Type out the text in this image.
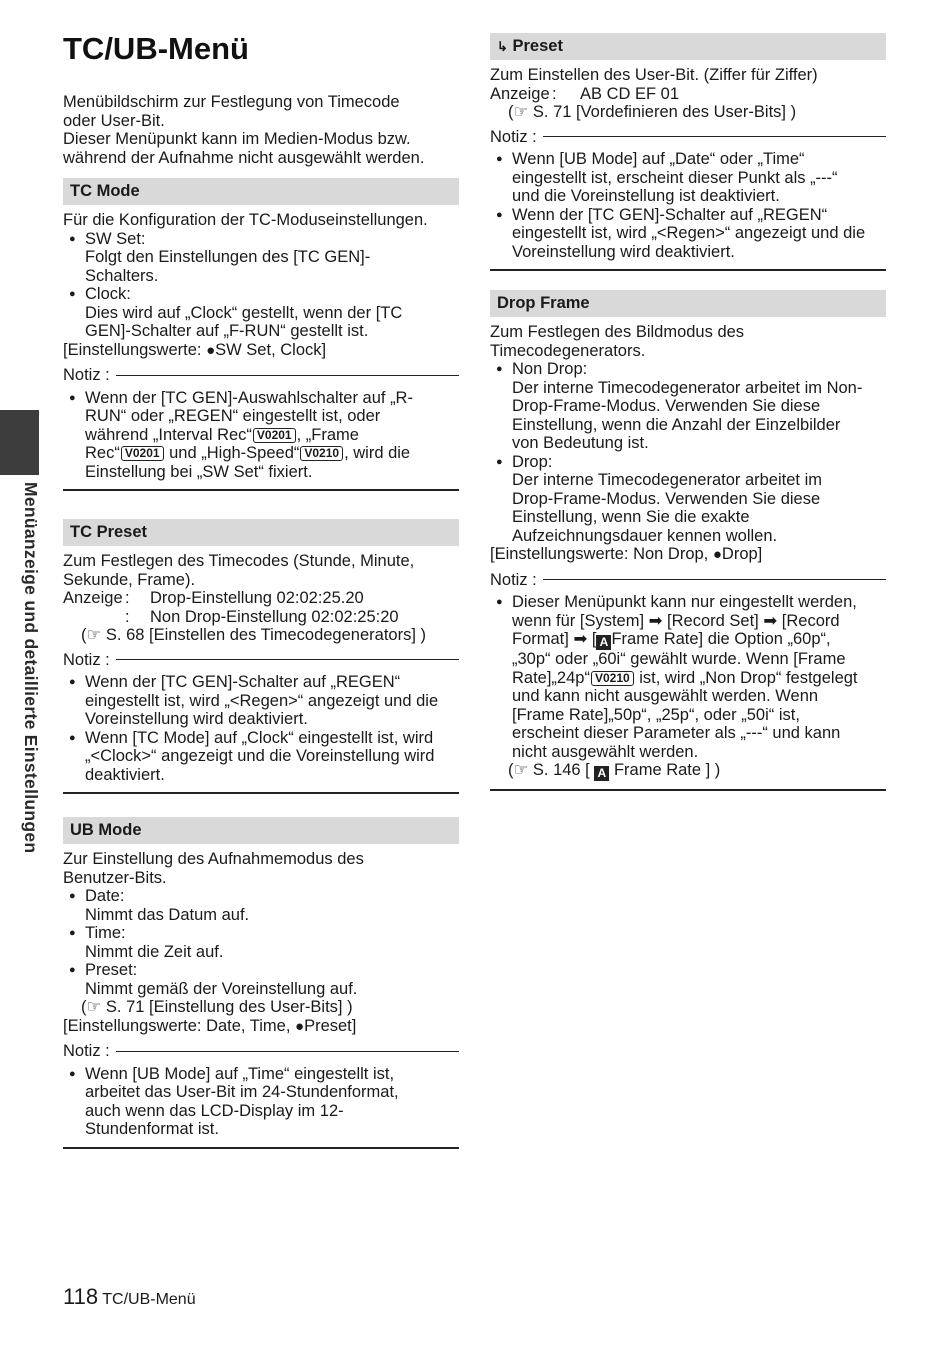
Menüanzeige und detaillierte Einstellungen
TC/UB-Menü

Menübildschirm zur Festlegung von Timecode

oder User-Bit.

Dieser Menüpunkt kann im Medien-Modus bzw.

während der Aufnahme nicht ausgewählt werden.

TC Mode

Für die Konfiguration der TC-Moduseinstellungen.

● SW Set:

Folgt den Einstellungen des [TC GEN]-

Schalters.

● Clock:

Dies wird auf „Clock“ gestellt, wenn der [TC

GEN]-Schalter auf „F-RUN“ gestellt ist.

[Einstellungswerte: ●SW Set, Clock]

Notiz :

● Wenn der [TC GEN]-Auswahlschalter auf „R-

RUN“ oder „REGEN“ eingestellt ist, oder

während „Interval Rec“ V0201 , „Frame

Rec“ V0201 und „High-Speed“ V0210 , wird die

Einstellung bei „SW Set“ fixiert.

TC Preset

Zum Festlegen des Timecodes (Stunde, Minute,

Sekunde, Frame).

Anzeige : Drop-Einstellung 02:02:25.20

: Non Drop-Einstellung 02:02:25:20

(☞ S. 68 [Einstellen des Timecodegenerators] )

Notiz :

● Wenn der [TC GEN]-Schalter auf „REGEN“

eingestellt ist, wird „<Regen>“ angezeigt und die

Voreinstellung wird deaktiviert.

● Wenn [TC Mode] auf „Clock“ eingestellt ist, wird

„<Clock>“ angezeigt und die Voreinstellung wird

deaktiviert.

UB Mode

Zur Einstellung des Aufnahmemodus des

Benutzer-Bits.

● Date:

Nimmt das Datum auf.

● Time:

Nimmt die Zeit auf.

● Preset:

Nimmt gemäß der Voreinstellung auf.

(☞ S. 71 [Einstellung des User-Bits] )

[Einstellungswerte: Date, Time, ●Preset]

Notiz :

● Wenn [UB Mode] auf „Time“ eingestellt ist,

arbeitet das User-Bit im 24-Stundenformat,

auch wenn das LCD-Display im 12-

Stundenformat ist.

↳ Preset

Zum Einstellen des User-Bit. (Ziffer für Ziffer)

Anzeige : AB CD EF 01

(☞ S. 71 [Vordefinieren des User-Bits] )

Notiz :

● Wenn [UB Mode] auf „Date“ oder „Time“

eingestellt ist, erscheint dieser Punkt als „---“

und die Voreinstellung ist deaktiviert.

● Wenn der [TC GEN]-Schalter auf „REGEN“

eingestellt ist, wird „<Regen>“ angezeigt und die

Voreinstellung wird deaktiviert.

Drop Frame

Zum Festlegen des Bildmodus des

Timecodegenerators.

● Non Drop:

Der interne Timecodegenerator arbeitet im Non-

Drop-Frame-Modus. Verwenden Sie diese

Einstellung, wenn die Anzahl der Einzelbilder

von Bedeutung ist.

● Drop:

Der interne Timecodegenerator arbeitet im

Drop-Frame-Modus. Verwenden Sie diese

Einstellung, wenn Sie die exakte

Aufzeichnungsdauer kennen wollen.

[Einstellungswerte: Non Drop, ●Drop]

Notiz :

● Dieser Menüpunkt kann nur eingestellt werden,

wenn für [System] ➡ [Record Set] ➡ [Record

Format] ➡ [ A Frame Rate] die Option „60p“,

„30p“ oder „60i“ gewählt wurde. Wenn [Frame

Rate]„24p“ V0210 ist, wird „Non Drop“ festgelegt

und kann nicht ausgewählt werden. Wenn

[Frame Rate]„50p“, „25p“, oder „50i“ ist,

erscheint dieser Parameter als „---“ und kann

nicht ausgewählt werden.

(☞ S. 146 [ A Frame Rate ] )

118 TC/UB-Menü
